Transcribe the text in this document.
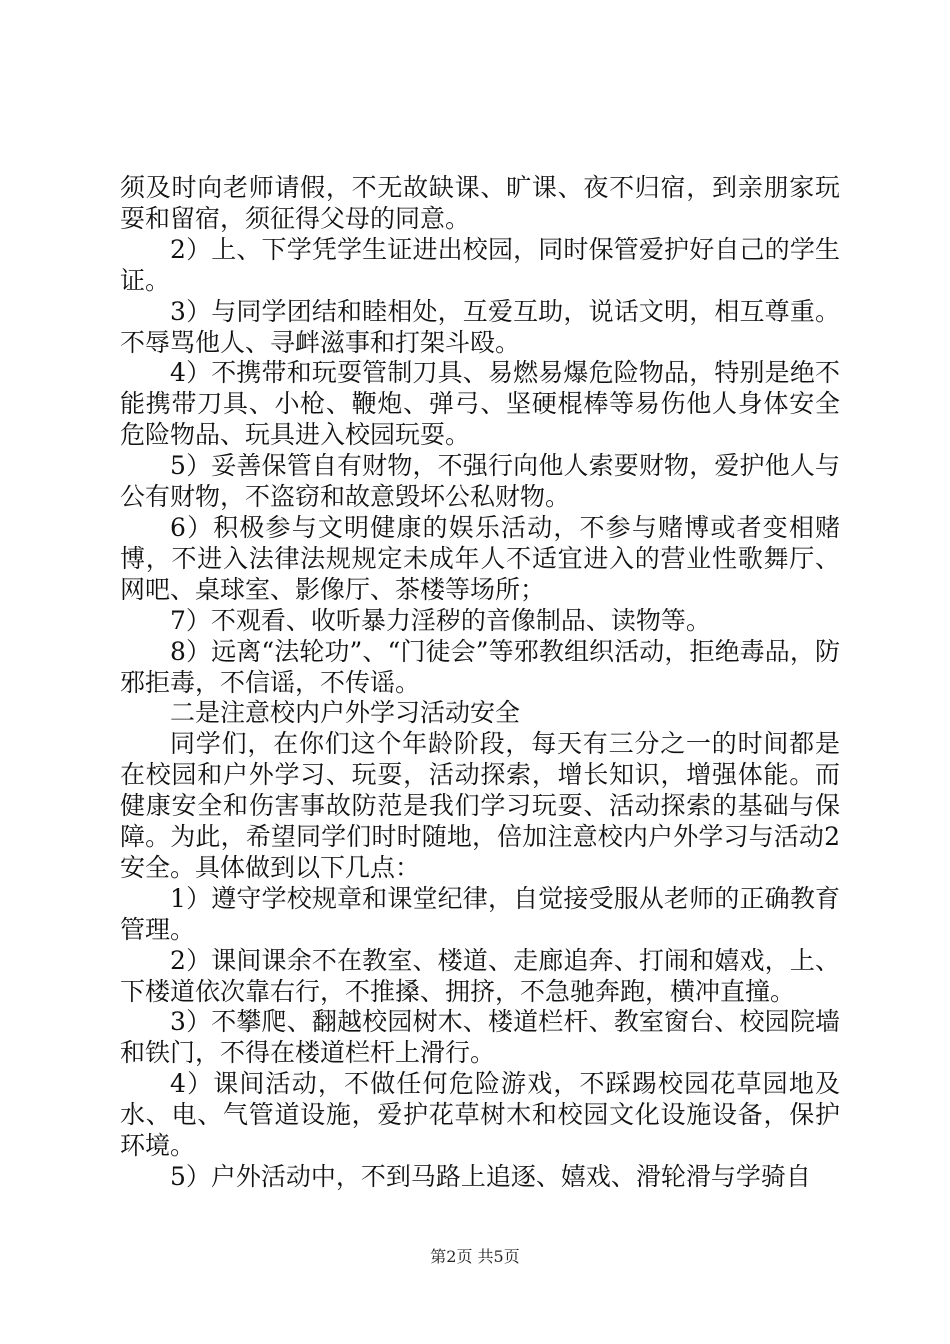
须及时向老师请假，不无故缺课、旷课、夜不归宿，到亲朋家玩耍和留宿，须征得父母的同意。

2）上、下学凭学生证进出校园，同时保管爱护好自己的学生证。

3）与同学团结和睦相处，互爱互助，说话文明，相互尊重。不辱骂他人、寻衅滋事和打架斗殴。

4）不携带和玩耍管制刀具、易燃易爆危险物品，特别是绝不能携带刀具、小枪、鞭炮、弹弓、坚硬棍棒等易伤他人身体安全危险物品、玩具进入校园玩耍。

5）妥善保管自有财物，不强行向他人索要财物，爱护他人与公有财物，不盗窃和故意毁坏公私财物。

6）积极参与文明健康的娱乐活动，不参与赌博或者变相赌博，不进入法律法规规定未成年人不适宜进入的营业性歌舞厅、网吧、桌球室、影像厅、茶楼等场所；

7）不观看、收听暴力淫秽的音像制品、读物等。

8）远离“法轮功”、“门徒会”等邪教组织活动，拒绝毒品，防邪拒毒，不信谣，不传谣。

二是注意校内户外学习活动安全

同学们，在你们这个年龄阶段，每天有三分之一的时间都是在校园和户外学习、玩耍，活动探索，增长知识，增强体能。而健康安全和伤害事故防范是我们学习玩耍、活动探索的基础与保障。为此，希望同学们时时随地，倍加注意校内户外学习与活动2安全。具体做到以下几点：

1）遵守学校规章和课堂纪律，自觉接受服从老师的正确教育管理。

2）课间课余不在教室、楼道、走廊追奔、打闹和嬉戏，上、下楼道依次靠右行，不推搡、拥挤，不急驰奔跑，横冲直撞。

3）不攀爬、翻越校园树木、楼道栏杆、教室窗台、校园院墙和铁门，不得在楼道栏杆上滑行。

4）课间活动，不做任何危险游戏，不踩踢校园花草园地及水、电、气管道设施，爱护花草树木和校园文化设施设备，保护环境。

5）户外活动中，不到马路上追逐、嬉戏、滑轮滑与学骑自

第2页 共5页
